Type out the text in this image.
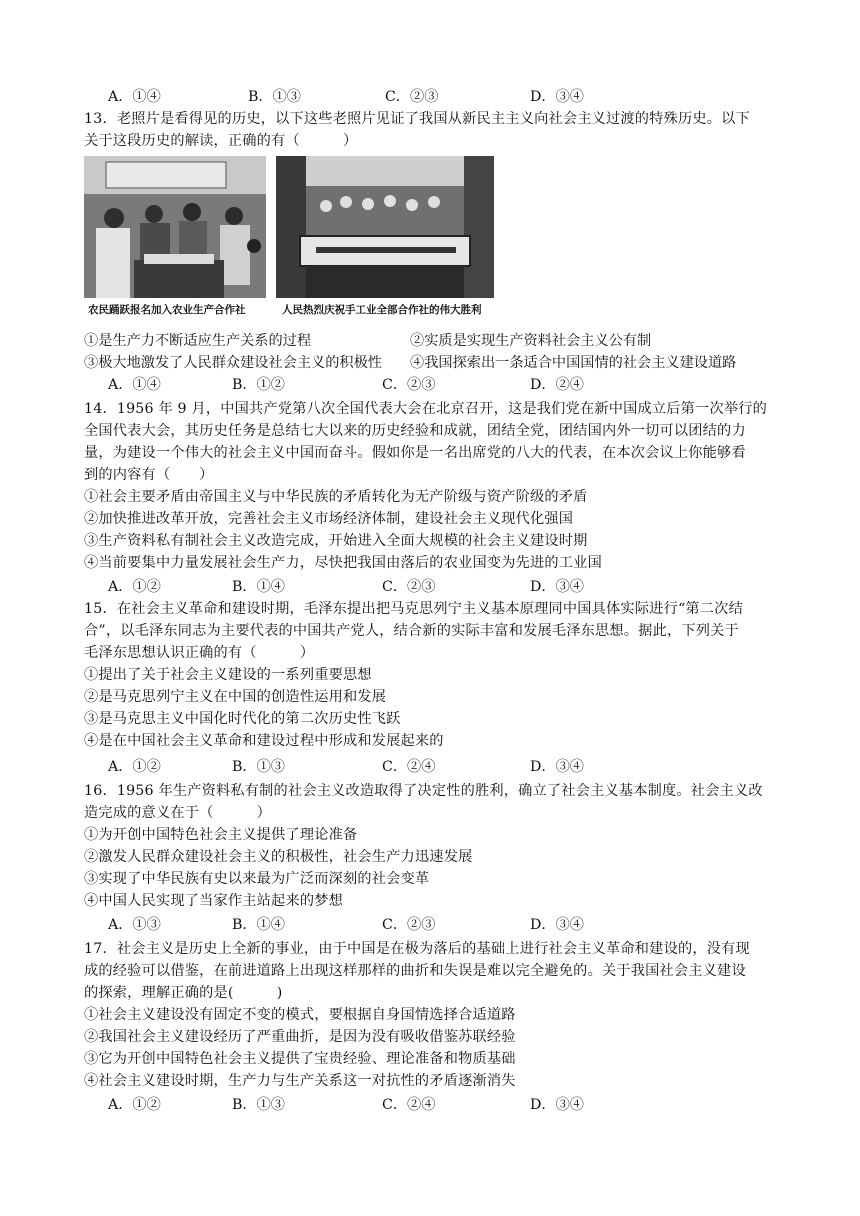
A．①④	B．①③	C．②③	D．③④
13．老照片是看得见的历史，以下这些老照片见证了我国从新民主主义向社会主义过渡的特殊历史。以下
关于这段历史的解读，正确的有（　　　）
农民踊跃报名加入农业生产合作社	人民热烈庆祝手工业全部合作社的伟大胜利
①是生产力不断适应生产关系的过程	②实质是实现生产资料社会主义公有制
③极大地激发了人民群众建设社会主义的积极性 ④我国探索出一条适合中国国情的社会主义建设道路
A．①④	B．①②	C．②③	D．②④
14．1956 年 9 月，中国共产党第八次全国代表大会在北京召开，这是我们党在新中国成立后第一次举行的
全国代表大会，其历史任务是总结七大以来的历史经验和成就，团结全党，团结国内外一切可以团结的力
量，为建设一个伟大的社会主义中国而奋斗。假如你是一名出席党的八大的代表，在本次会议上你能够看
到的内容有（　　）
①社会主要矛盾由帝国主义与中华民族的矛盾转化为无产阶级与资产阶级的矛盾
②加快推进改革开放，完善社会主义市场经济体制，建设社会主义现代化强国
③生产资料私有制社会主义改造完成，开始进入全面大规模的社会主义建设时期
④当前要集中力量发展社会生产力，尽快把我国由落后的农业国变为先进的工业国
A．①②	B．①④	C．②③	D．③④
15．在社会主义革命和建设时期，毛泽东提出把马克思列宁主义基本原理同中国具体实际进行“第二次结
合”，以毛泽东同志为主要代表的中国共产党人，结合新的实际丰富和发展毛泽东思想。据此，下列关于
毛泽东思想认识正确的有（　　　）
①提出了关于社会主义建设的一系列重要思想
②是马克思列宁主义在中国的创造性运用和发展
③是马克思主义中国化时代化的第二次历史性飞跃
④是在中国社会主义革命和建设过程中形成和发展起来的
A．①②	B．①③	C．②④	D．③④
16．1956 年生产资料私有制的社会主义改造取得了决定性的胜利，确立了社会主义基本制度。社会主义改
造完成的意义在于（　　　）
①为开创中国特色社会主义提供了理论准备
②激发人民群众建设社会主义的积极性，社会生产力迅速发展
③实现了中华民族有史以来最为广泛而深刻的社会变革
④中国人民实现了当家作主站起来的梦想
A．①③	B．①④	C．②③	D．③④
17．社会主义是历史上全新的事业，由于中国是在极为落后的基础上进行社会主义革命和建设的，没有现
成的经验可以借鉴，在前进道路上出现这样那样的曲折和失误是难以完全避免的。关于我国社会主义建设
的探索，理解正确的是(　　　)
①社会主义建设没有固定不变的模式，要根据自身国情选择合适道路
②我国社会主义建设经历了严重曲折，是因为没有吸收借鉴苏联经验
③它为开创中国特色社会主义提供了宝贵经验、理论准备和物质基础
④社会主义建设时期，生产力与生产关系这一对抗性的矛盾逐渐消失
A．①②	B．①③	C．②④	D．③④
